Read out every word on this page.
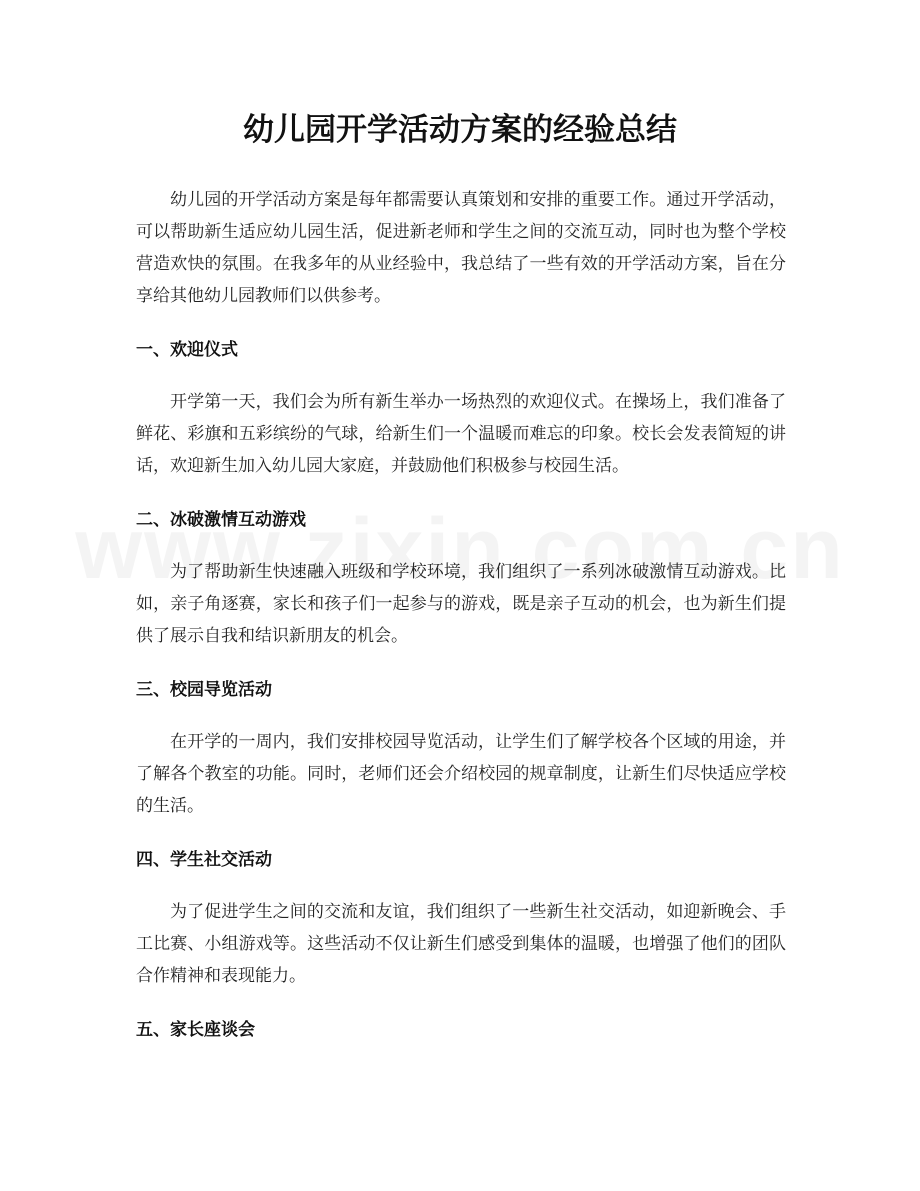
幼儿园开学活动方案的经验总结

幼儿园的开学活动方案是每年都需要认真策划和安排的重要工作。通过开学活动，可以帮助新生适应幼儿园生活，促进新老师和学生之间的交流互动，同时也为整个学校营造欢快的氛围。在我多年的从业经验中，我总结了一些有效的开学活动方案，旨在分享给其他幼儿园教师们以供参考。

一、欢迎仪式

开学第一天，我们会为所有新生举办一场热烈的欢迎仪式。在操场上，我们准备了鲜花、彩旗和五彩缤纷的气球，给新生们一个温暖而难忘的印象。校长会发表简短的讲话，欢迎新生加入幼儿园大家庭，并鼓励他们积极参与校园生活。

二、冰破激情互动游戏

为了帮助新生快速融入班级和学校环境，我们组织了一系列冰破激情互动游戏。比如，亲子角逐赛，家长和孩子们一起参与的游戏，既是亲子互动的机会，也为新生们提供了展示自我和结识新朋友的机会。

三、校园导览活动

在开学的一周内，我们安排校园导览活动，让学生们了解学校各个区域的用途，并了解各个教室的功能。同时，老师们还会介绍校园的规章制度，让新生们尽快适应学校的生活。

四、学生社交活动

为了促进学生之间的交流和友谊，我们组织了一些新生社交活动，如迎新晚会、手工比赛、小组游戏等。这些活动不仅让新生们感受到集体的温暖，也增强了他们的团队合作精神和表现能力。

五、家长座谈会
